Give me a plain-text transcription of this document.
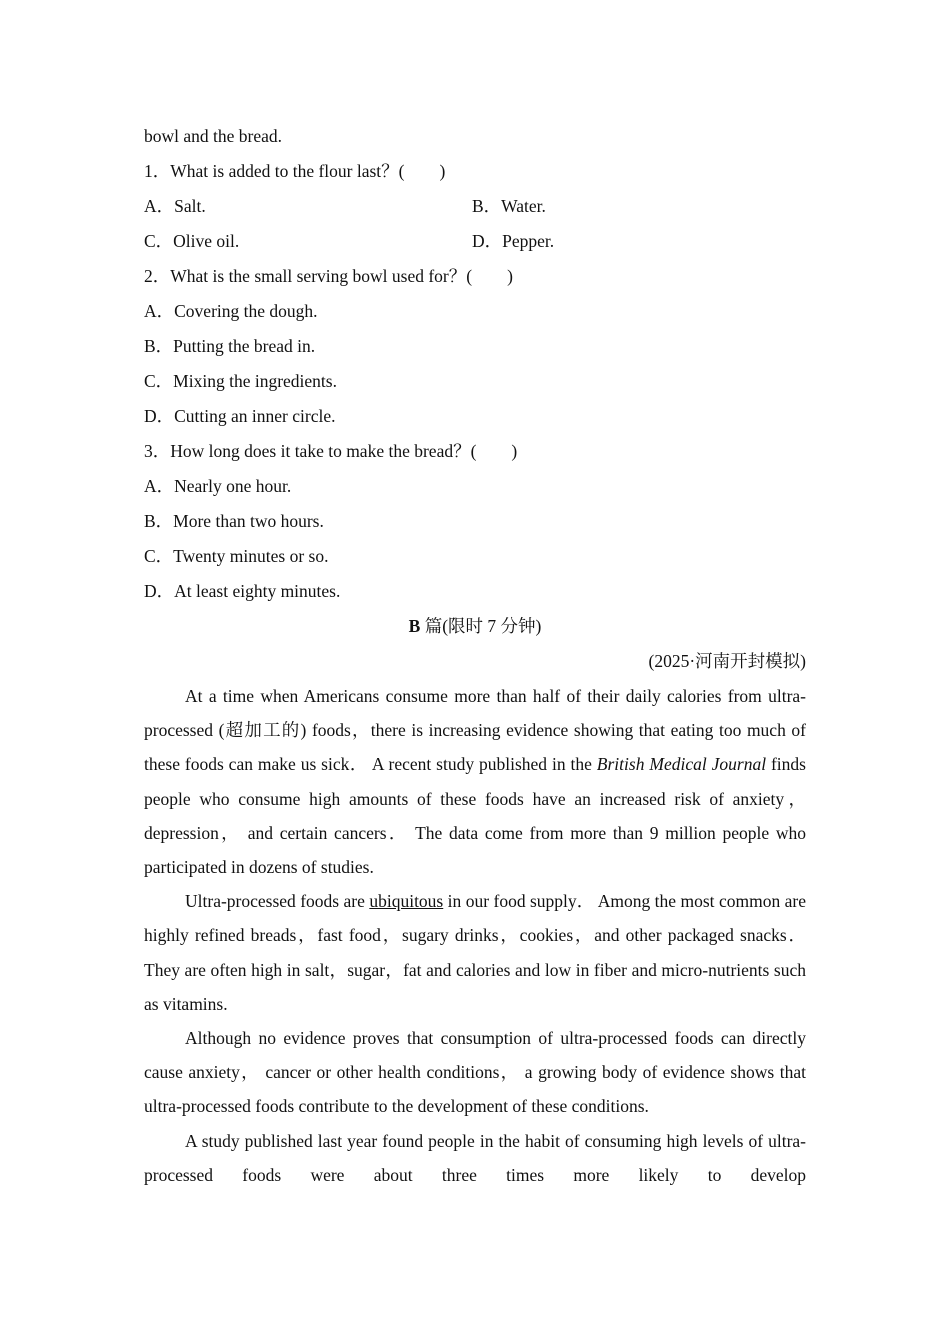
bowl and the bread.
1．What is added to the flour last？(　　)
A．Salt.	B．Water.
C．Olive oil.	D．Pepper.
2．What is the small serving bowl used for？(　　)
A．Covering the dough.
B．Putting the bread in.
C．Mixing the ingredients.
D．Cutting an inner circle.
3．How long does it take to make the bread？(　　)
A．Nearly one hour.
B．More than two hours.
C．Twenty minutes or so.
D．At least eighty minutes.
B 篇(限时 7 分钟)
(2025·河南开封模拟)

At a time when Americans consume more than half of their daily calories from ultra-processed (超加工的) foods，there is increasing evidence showing that eating too much of these foods can make us sick． A recent study published in the British Medical Journal finds people who consume high amounts of these foods have an increased risk of anxiety， depression， and certain cancers． The data come from more than 9 million people who participated in dozens of studies.

Ultra-processed foods are ubiquitous in our food supply． Among the most common are highly refined breads，fast food，sugary drinks，cookies，and other packaged snacks． They are often high in salt，sugar，fat and calories and low in fiber and micro-nutrients such as vitamins.

Although no evidence proves that consumption of ultra-processed foods can directly cause anxiety， cancer or other health conditions， a growing body of evidence shows that ultra-processed foods contribute to the development of these conditions.

A study published last year found people in the habit of consuming high levels of ultra-processed foods were about three times more likely to develop
